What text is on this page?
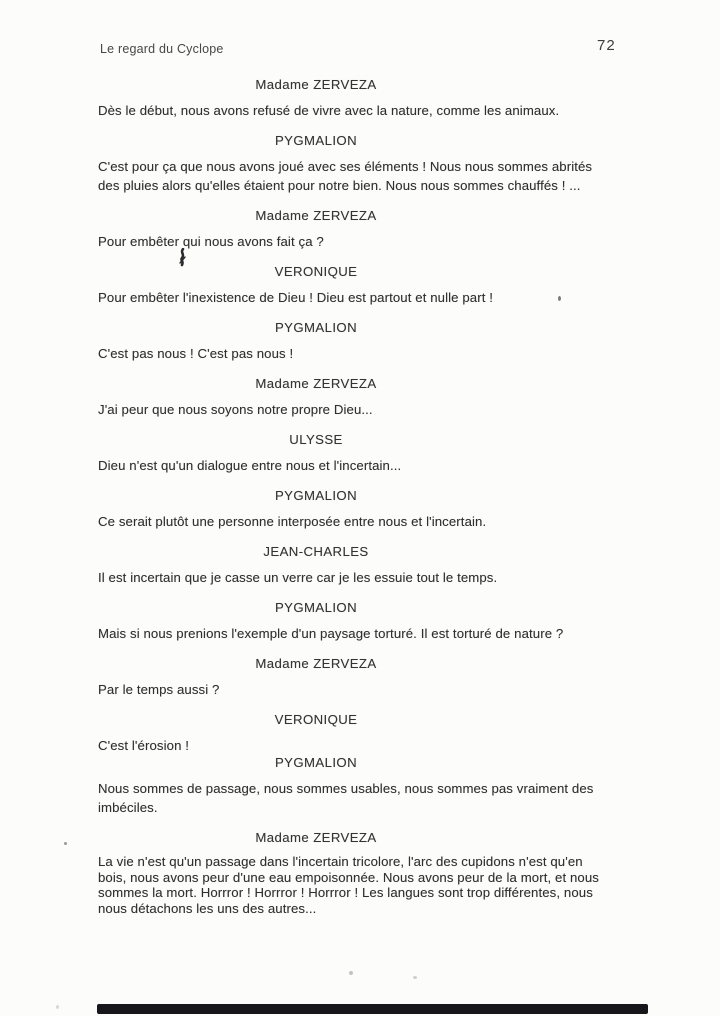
Le regard du Cyclope	72
Madame ZERVEZA
Dès le début, nous avons refusé de vivre avec la nature, comme les animaux.
PYGMALION
C'est pour ça que nous avons joué avec ses éléments ! Nous nous sommes abrités des pluies alors qu'elles étaient pour notre bien. Nous nous sommes chauffés ! ...
Madame ZERVEZA
Pour embêter qui nous avons fait ça ?
VERONIQUE
Pour embêter l'inexistence de Dieu ! Dieu est partout et nulle part !
PYGMALION
C'est pas nous ! C'est pas nous !
Madame ZERVEZA
J'ai peur que nous soyons notre propre Dieu...
ULYSSE
Dieu n'est qu'un dialogue entre nous et l'incertain...
PYGMALION
Ce serait plutôt une personne interposée entre nous et l'incertain.
JEAN-CHARLES
Il est incertain que je casse un verre car je les essuie tout le temps.
PYGMALION
Mais si nous prenions l'exemple d'un paysage torturé. Il est torturé de nature ?
Madame ZERVEZA
Par le temps aussi ?
VERONIQUE
C'est l'érosion !
PYGMALION
Nous sommes de passage, nous sommes usables, nous sommes pas vraiment des imbéciles.
Madame ZERVEZA
La vie n'est qu'un passage dans l'incertain tricolore, l'arc des cupidons n'est qu'en bois, nous avons peur d'une eau empoisonnée. Nous avons peur de la mort, et nous sommes la mort. Horrror ! Horrror ! Horrror ! Les langues sont trop différentes, nous nous détachons les uns des autres...
